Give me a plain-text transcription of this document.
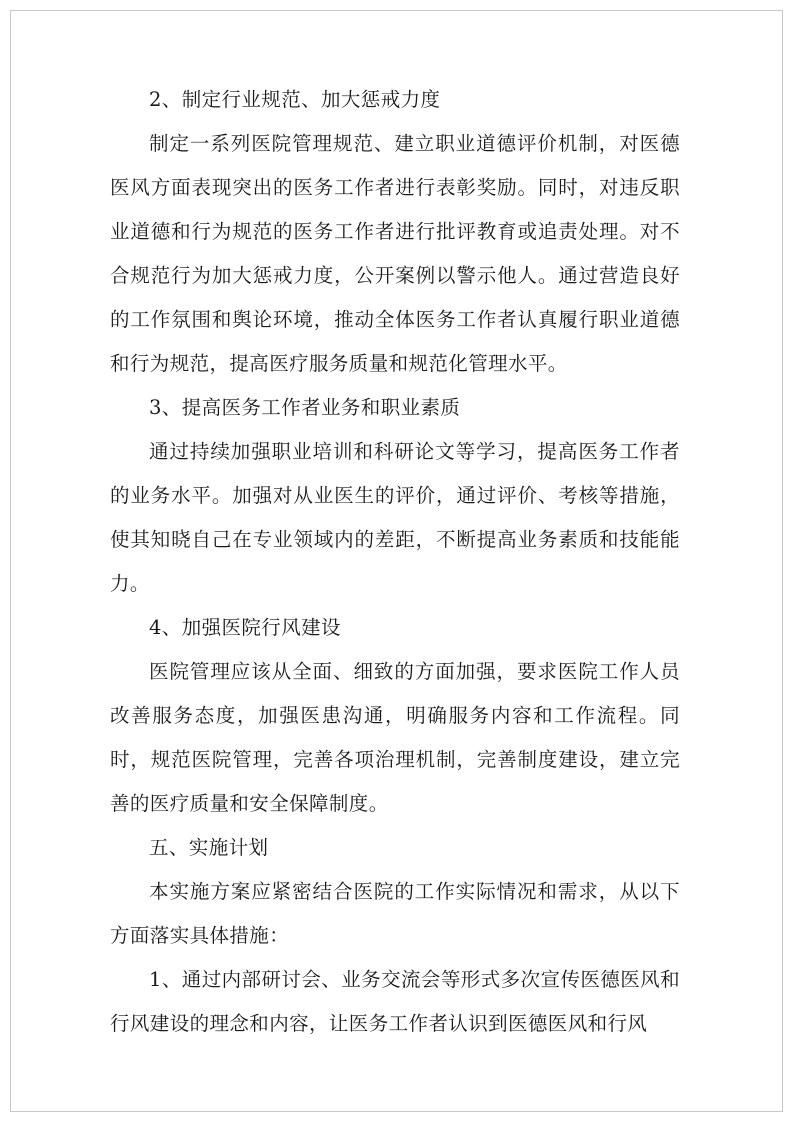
2、制定行业规范、加大惩戒力度

制定一系列医院管理规范、建立职业道德评价机制，对医德医风方面表现突出的医务工作者进行表彰奖励。同时，对违反职业道德和行为规范的医务工作者进行批评教育或追责处理。对不合规范行为加大惩戒力度，公开案例以警示他人。通过营造良好的工作氛围和舆论环境，推动全体医务工作者认真履行职业道德和行为规范，提高医疗服务质量和规范化管理水平。

3、提高医务工作者业务和职业素质

通过持续加强职业培训和科研论文等学习，提高医务工作者的业务水平。加强对从业医生的评价，通过评价、考核等措施，使其知晓自己在专业领域内的差距，不断提高业务素质和技能能力。

4、加强医院行风建设

医院管理应该从全面、细致的方面加强，要求医院工作人员改善服务态度，加强医患沟通，明确服务内容和工作流程。同时，规范医院管理，完善各项治理机制，完善制度建设，建立完善的医疗质量和安全保障制度。

五、实施计划

本实施方案应紧密结合医院的工作实际情况和需求，从以下方面落实具体措施：

1、通过内部研讨会、业务交流会等形式多次宣传医德医风和行风建设的理念和内容，让医务工作者认识到医德医风和行风
